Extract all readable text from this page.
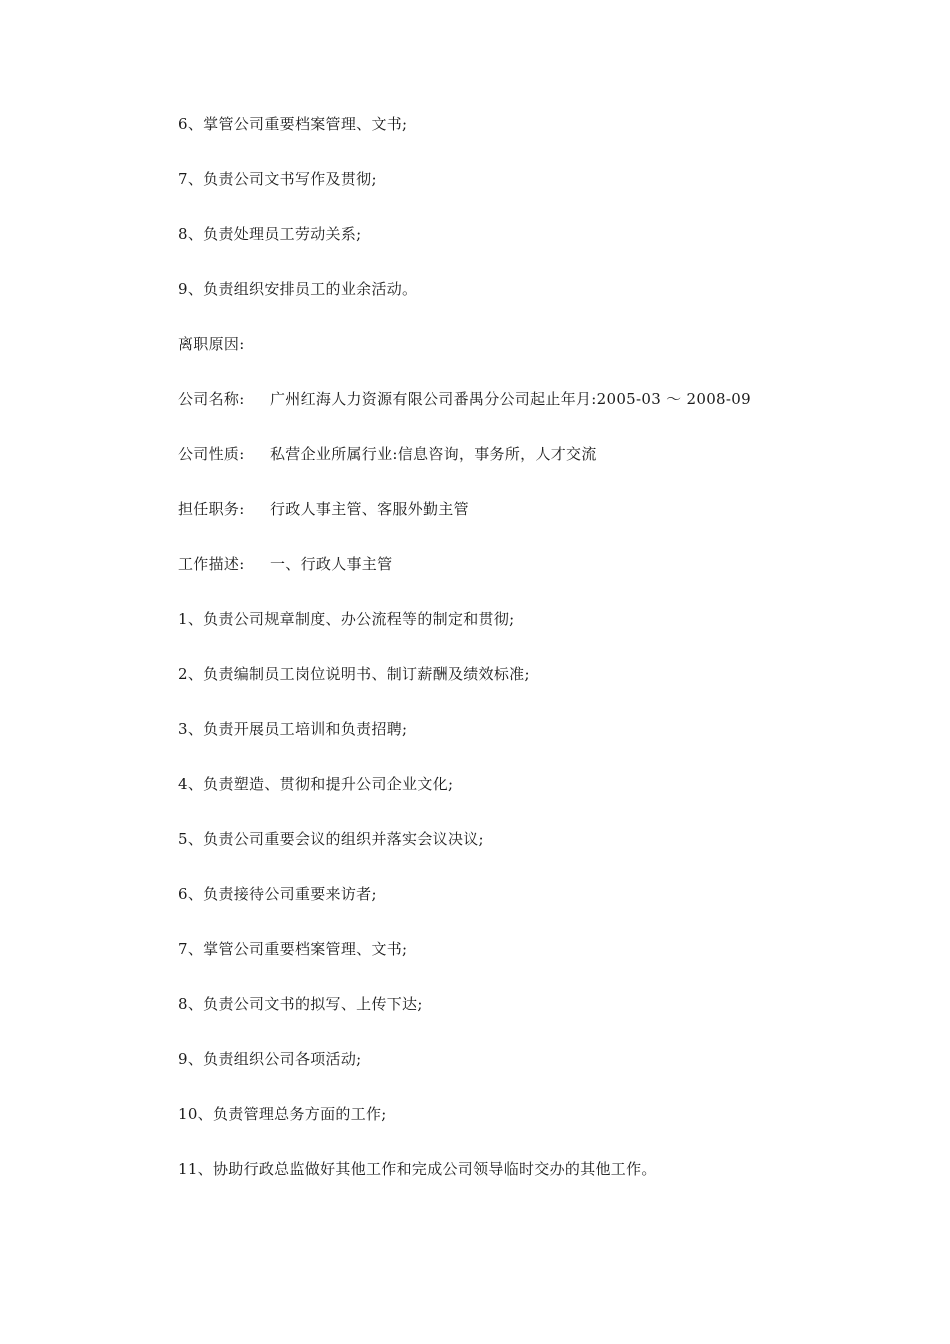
6、掌管公司重要档案管理、文书;
7、负责公司文书写作及贯彻;
8、负责处理员工劳动关系;
9、负责组织安排员工的业余活动。
离职原因:
公司名称: 广州红海人力资源有限公司番禺分公司起止年月:2005-03 ～ 2008-09
公司性质: 私营企业所属行业:信息咨询，事务所，人才交流
担任职务: 行政人事主管、客服外勤主管
工作描述: 一、行政人事主管
1、负责公司规章制度、办公流程等的制定和贯彻;
2、负责编制员工岗位说明书、制订薪酬及绩效标准;
3、负责开展员工培训和负责招聘;
4、负责塑造、贯彻和提升公司企业文化;
5、负责公司重要会议的组织并落实会议决议;
6、负责接待公司重要来访者;
7、掌管公司重要档案管理、文书;
8、负责公司文书的拟写、上传下达;
9、负责组织公司各项活动;
10、负责管理总务方面的工作;
11、协助行政总监做好其他工作和完成公司领导临时交办的其他工作。
